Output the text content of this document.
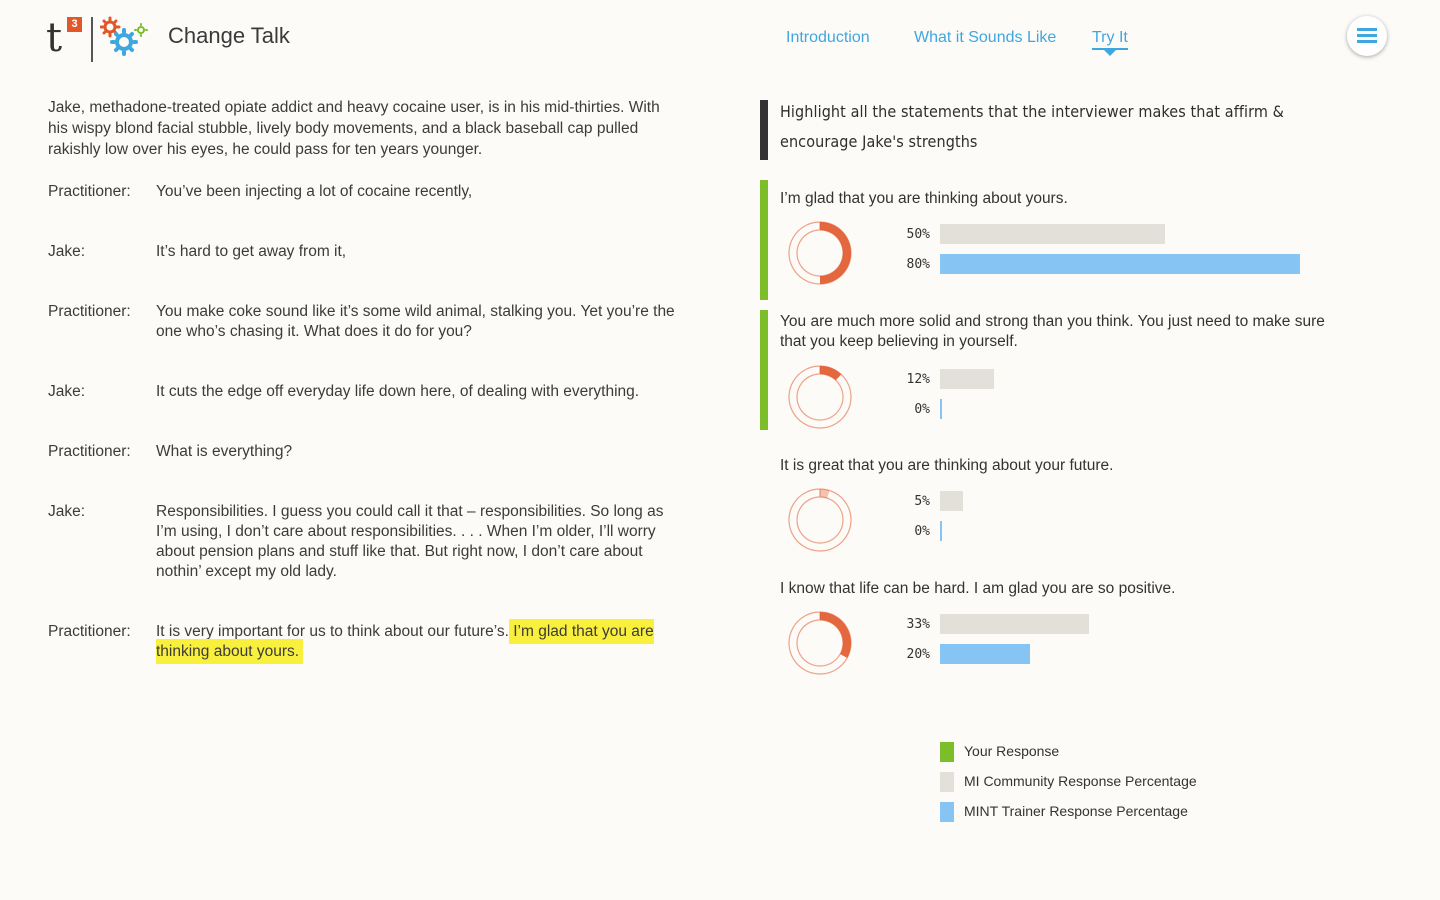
t 3	Change Talk	Introduction	What it Sounds Like Try It
Jake, methadone-treated opiate addict and heavy cocaine user, is in his mid-thirties. With his wispy blond facial stubble, lively body movements, and a black baseball cap pulled rakishly low over his eyes, he could pass for ten years younger.
Practitioner: You’ve been injecting a lot of cocaine recently,
Jake:	It’s hard to get away from it,
Practitioner: You make coke sound like it’s some wild animal, stalking you. Yet you’re the one who’s chasing it. What does it do for you?
Jake:	It cuts the edge off everyday life down here, of dealing with everything.
Practitioner: What is everything?
Jake:	Responsibilities. I guess you could call it that – responsibilities. So long as I’m using, I don’t care about responsibilities. . . . When I’m older, I’ll worry about pension plans and stuff like that. But right now, I don’t care about nothin’ except my old lady.
Practitioner: It is very important for us to think about our future’s. I’m glad that you are thinking about yours.
Highlight all the statements that the interviewer makes that affirm & encourage Jake's strengths
I’m glad that you are thinking about yours.
50%
80%
You are much more solid and strong than you think. You just need to make sure that you keep believing in yourself.
12%
0%
It is great that you are thinking about your future.
5%
0%
I know that life can be hard. I am glad you are so positive.
33%
20%
Your Response
MI Community Response Percentage
MINT Trainer Response Percentage
